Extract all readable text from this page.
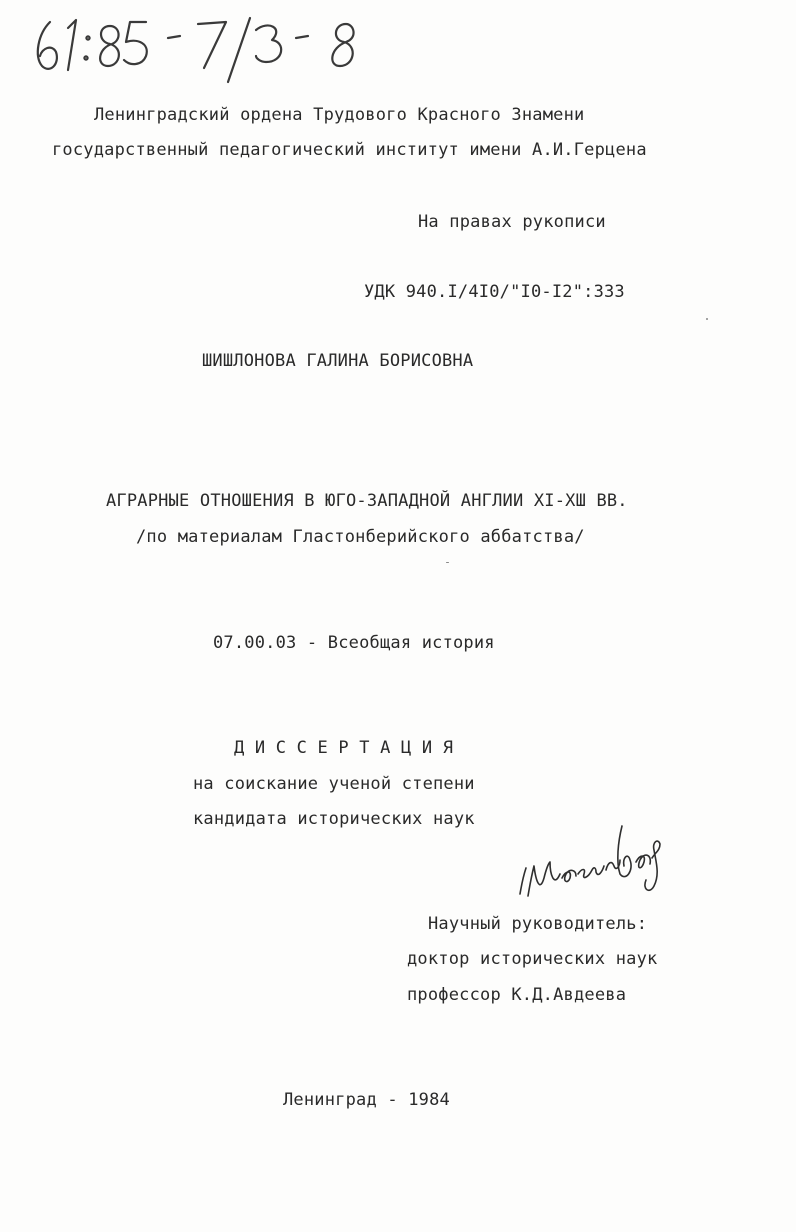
Ленинградский ордена Трудового Красного Знамени
государственный педагогический институт имени А.И.Герцена
На правах рукописи
УДК 940.I/4I0/"I0-I2":333
ШИШЛОНОВА ГАЛИНА БОРИСОВНА
АГРАРНЫЕ ОТНОШЕНИЯ В ЮГО-ЗАПАДНОЙ АНГЛИИ XI-XШ ВВ.
/по материалам Гластонберийского аббатства/
07.00.03 - Всеобщая история
Д И С С Е Р Т А Ц И Я
на соискание ученой степени
кандидата исторических наук
Научный руководитель:
доктор исторических наук
профессор К.Д.Авдеева
Ленинград - 1984
